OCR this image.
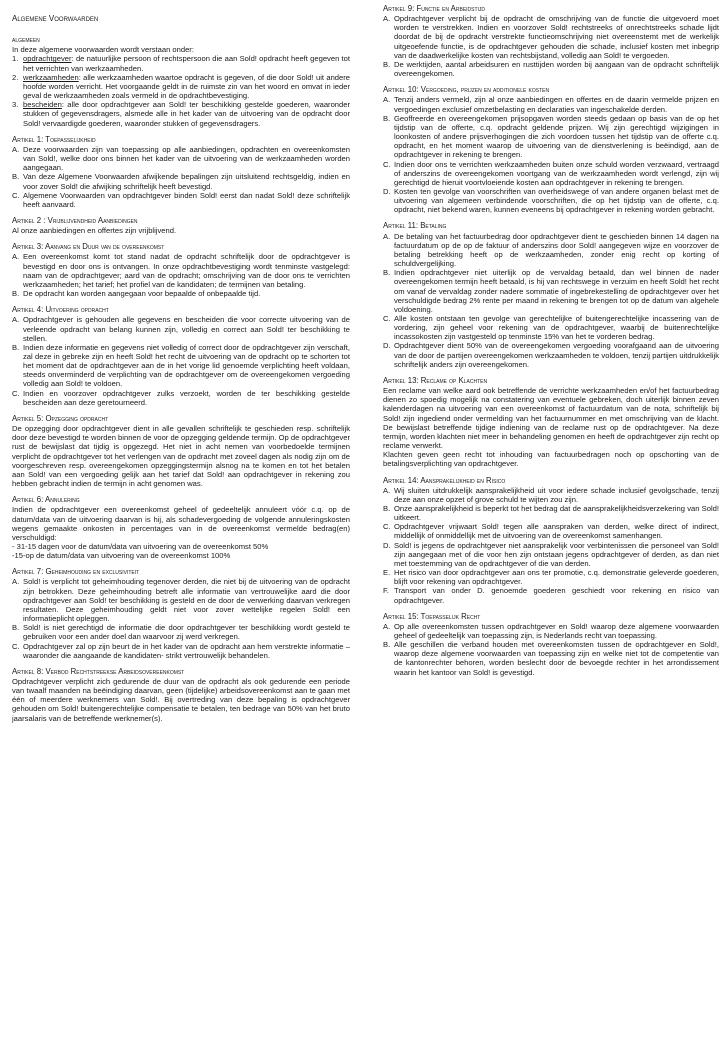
Algemene Voorwaarden
algemeen
In deze algemene voorwaarden wordt verstaan onder:
1. opdrachtgever: de natuurlijke persoon of rechtspersoon die aan Sold! opdracht heeft gegeven tot het verrichten van werkzaamheden.
2. werkzaamheden: alle werkzaamheden waartoe opdracht is gegeven, of die door Sold! uit andere hoofde worden verricht. Het voorgaande geldt in de ruimste zin van het woord en omvat in ieder geval de werkzaamheden zoals vermeld in de opdrachtbevestiging.
3. bescheiden: alle door opdrachtgever aan Sold! ter beschikking gestelde goederen, waaronder stukken of gegevensdragers, alsmede alle in het kader van de uitvoering van de opdracht door Sold! vervaardigde goederen, waaronder stukken of gegevensdragers.
Artikel 1: Toepasselijkheid
A. Deze voorwaarden zijn van toepassing op alle aanbiedingen, opdrachten en overeenkomsten van Sold!, welke door ons binnen het kader van de uitvoering van de werkzaamheden worden aangegaan.
B. Van deze Algemene Voorwaarden afwijkende bepalingen zijn uitsluitend rechtsgeldig, indien en voor zover Sold! die afwijking schriftelijk heeft bevestigd.
C. Algemene Voorwaarden van opdrachtgever binden Sold! eerst dan nadat Sold! deze schriftelijk heeft aanvaard.
Artikel 2 : Vrijblijvendheid Aanbiedingen
Al onze aanbiedingen en offertes zijn vrijblijvend.
Artikel 3: Aanvang en Duur van de overeenkomst
A. Een overeenkomst komt tot stand nadat de opdracht schriftelijk door de opdrachtgever is bevestigd en door ons is ontvangen. In onze opdrachtbevestiging wordt tenminste vastgelegd: naam van de opdrachtgever; aard van de opdracht; omschrijving van de door ons te verrichten werkzaamheden; het tarief; het profiel van de kandidaten; de termijnen van betaling.
B. De opdracht kan worden aangegaan voor bepaalde of onbepaalde tijd.
Artikel 4: Uitvoering opdracht
A. Opdrachtgever is gehouden alle gegevens en bescheiden die voor correcte uitvoering van de verleende opdracht van belang kunnen zijn, volledig en correct aan Sold! ter beschikking te stellen.
B. Indien deze informatie en gegevens niet volledig of correct door de opdrachtgever zijn verschaft, zal deze in gebreke zijn en heeft Sold! het recht de uitvoering van de opdracht op te schorten tot het moment dat de opdrachtgever aan de in het vorige lid genoemde verplichting heeft voldaan, steeds onverminderd de verplichting van de opdrachtgever om de overeengekomen vergoeding volledig aan Sold! te voldoen.
C. Indien en voorzover opdrachtgever zulks verzoekt, worden de ter beschikking gestelde bescheiden aan deze geretourneerd.
Artikel 5: Opzegging opdracht
De opzegging door opdrachtgever dient in alle gevallen schriftelijk te geschieden resp. schriftelijk door deze bevestigd te worden binnen de voor de opzegging geldende termijn. Op de opdrachtgever rust de bewijslast dat tijdig is opgezegd. Het niet in acht nemen van voorbedoelde termijnen verplicht de opdrachtgever tot het verlengen van de opdracht met zoveel dagen als nodig zijn om de voorgeschreven resp. overeengekomen opzeggingstermijn alsnog na te komen en tot het betalen aan Sold! van een vergoeding gelijk aan het tarief dat Sold! aan opdrachtgever in rekening zou hebben gebracht indien de termijn in acht genomen was.
Artikel 6: Annulering
Indien de opdrachtgever een overeenkomst geheel of gedeeltelijk annuleert vóór c.q. op de datum/data van de uitvoering daarvan is hij, als schadevergoeding de volgende annuleringskosten wegens gemaakte onkosten in percentages van in de overeenkomst vermelde bedrag(en) verschuldigd:
- 31-15 dagen voor de datum/data van uitvoering van de overeenkomst 50%
-15-op de datum/data van uitvoering van de overeenkomst 100%
Artikel 7: Geheimhouding en exclusiviteit
A. Sold! is verplicht tot geheimhouding tegenover derden, die niet bij de uitvoering van de opdracht zijn betrokken. Deze geheimhouding betreft alle informatie van vertrouwelijke aard die door opdrachtgever aan Sold! ter beschikking is gesteld en de door de verwerking daarvan verkregen resultaten. Deze geheimhouding geldt niet voor zover wettelijke regelen Sold! een informatieplicht opleggen.
B. Sold! is niet gerechtigd de informatie die door opdrachtgever ter beschikking wordt gesteld te gebruiken voor een ander doel dan waarvoor zij werd verkregen.
C. Opdrachtgever zal op zijn beurt de in het kader van de opdracht aan hem verstrekte informatie – waaronder die aangaande de kandidaten- strikt vertrouwelijk behandelen.
Artikel 8: Verbod Rechtstreekse Arbeidsovereenkomst
Opdrachtgever verplicht zich gedurende de duur van de opdracht als ook gedurende een periode van twaalf maanden na beëindiging daarvan, geen (tijdelijke) arbeidsovereenkomst aan te gaan met één of meerdere werknemers van Sold!. Bij overtreding van deze bepaling is opdrachtgever gehouden om Sold! buitengerechtelijke compensatie te betalen, ten bedrage van 50% van het bruto jaarsalaris van de betreffende werknemer(s).
Artikel 9: Functie en Arbeidstijd
A. Opdrachtgever verplicht bij de opdracht de omschrijving van de functie die uitgevoerd moet worden te verstrekken. Indien en voorzover Sold! rechtstreeks of onrechtstreeks schade lijdt doordat de bij de opdracht verstrekte functieomschrijving niet overeenstemt met de werkelijk uitgeoefende functie, is de opdrachtgever gehouden die schade, inclusief kosten met inbegrip van de daadwerkelijke kosten van rechtsbijstand, volledig aan Sold! te vergoeden.
B. De werktijden, aantal arbeidsuren en rusttijden worden bij aangaan van de opdracht schriftelijk overeengekomen.
Artikel 10: Vergoeding, prijzen en additionele kosten
A. Tenzij anders vermeld, zijn al onze aanbiedingen en offertes en de daarin vermelde prijzen en vergoedingen exclusief omzetbelasting en declaraties van ingeschakelde derden.
B. Geoffreerde en overeengekomen prijsopgaven worden steeds gedaan op basis van de op het tijdstip van de offerte, c.q. opdracht geldende prijzen. Wij zijn gerechtigd wijzigingen in loonkosten of andere prijsverhogingen die zich voordoen tussen het tijdstip van de offerte c.q. opdracht, en het moment waarop de uitvoering van de dienstverlening is beëindigd, aan de opdrachtgever in rekening te brengen.
C. Indien door ons te verrichten werkzaamheden buiten onze schuld worden verzwaard, vertraagd of anderszins de overeengekomen voortgang van de werkzaamheden wordt verlengd, zijn wij gerechtigd de hieruit voortvloeiende kosten aan opdrachtgever in rekening te brengen.
D. Kosten ten gevolge van voorschriften van overheidswege of van andere organen belast met de uitvoering van algemeen verbindende voorschriften, die op het tijdstip van de offerte, c.q. opdracht, niet bekend waren, kunnen eveneens bij opdrachtgever in rekening worden gebracht.
Artikel 11: Betaling
A. De betaling van het factuurbedrag door opdrachtgever dient te geschieden binnen 14 dagen na factuurdatum op de op de faktuur of anderszins door Sold! aangegeven wijze en voorzover de betaling betrekking heeft op de werkzaamheden, zonder enig recht op korting of schuldvergelijking.
B. Indien opdrachtgever niet uiterlijk op de vervaldag betaald, dan wel binnen de nader overeengekomen termijn heeft betaald, is hij van rechtswege in verzuim en heeft Sold! het recht om vanaf de vervaldag zonder nadere sommatie of ingebrekestelling de opdrachtgever over het verschuldigde bedrag 2% rente per maand in rekening te brengen tot op de datum van algehele voldoening.
C. Alle kosten ontstaan ten gevolge van gerechtelijke of buitengerechtelijke incassering van de vordering, zijn geheel voor rekening van de opdrachtgever, waarbij de buitenrechtelijke incassokosten zijn vastgesteld op tenminste 15% van het te vorderen bedrag.
D. Opdrachtgever dient 50% van de overeengekomen vergoeding voorafgaand aan de uitvoering van de door de partijen overeengekomen werkzaamheden te voldoen, tenzij partijen uitdrukkelijk schriftelijk anders zijn overeengekomen.
Artikel 13: Reclame op Klachten
Een reclame van welke aard ook betreffende de verrichte werkzaamheden en/of het factuurbedrag dienen zo spoedig mogelijk na constatering van eventuele gebreken, doch uiterlijk binnen zeven kalenderdagen na uitvoering van een overeenkomst of factuurdatum van de nota, schriftelijk bij Sold! zijn ingediend onder vermelding van het factuurnummer en met omschrijving van de klacht. De bewijslast betreffende tijdige indiening van de reclame rust op de opdrachtgever. Na deze termijn, worden klachten niet meer in behandeling genomen en heeft de opdrachtgever zijn recht op reclame verwerkt.
Klachten geven geen recht tot inhouding van factuurbedragen noch op opschorting van de betalingsverplichting van opdrachtgever.
Artikel 14: Aansprakelijkheid en Risico
A. Wij sluiten uitdrukkelijk aansprakelijkheid uit voor iedere schade inclusief gevolgschade, tenzij deze aan onze opzet of grove schuld te wijten zou zijn.
B. Onze aansprakelijkheid is beperkt tot het bedrag dat de aansprakelijkheidsverzekering van Sold! uitkeert.
C. Opdrachtgever vrijwaart Sold! tegen alle aanspraken van derden, welke direct of indirect, middellijk of onmiddellijk met de uitvoering van de overeenkomst samenhangen.
D. Sold! is jegens de opdrachtgever niet aansprakelijk voor verbintenissen die personeel van Sold! zijn aangegaan met of die voor hen zijn ontstaan jegens opdrachtgever of derden, as dan niet met toestemming van de opdrachtgever of die van derden.
E. Het risico van door opdrachtgever aan ons ter promotie, c.q. demonstratie geleverde goederen, blijft voor rekening van opdrachtgever.
F. Transport van onder D. genoemde goederen geschiedt voor rekening en risico van opdrachtgever.
Artikel 15: Toepasselijk Recht
A. Op alle overeenkomsten tussen opdrachtgever en Sold! waarop deze algemene voorwaarden geheel of gedeeltelijk van toepassing zijn, is Nederlands recht van toepassing.
B. Alle geschillen die verband houden met overeenkomsten tussen de opdrachtgever en Sold!, waarop deze algemene voorwaarden van toepassing zijn en welke niet tot de competentie van de kantonrechter behoren, worden beslecht door de bevoegde rechter in het arrondissement waarin het kantoor van Sold! is gevestigd.
